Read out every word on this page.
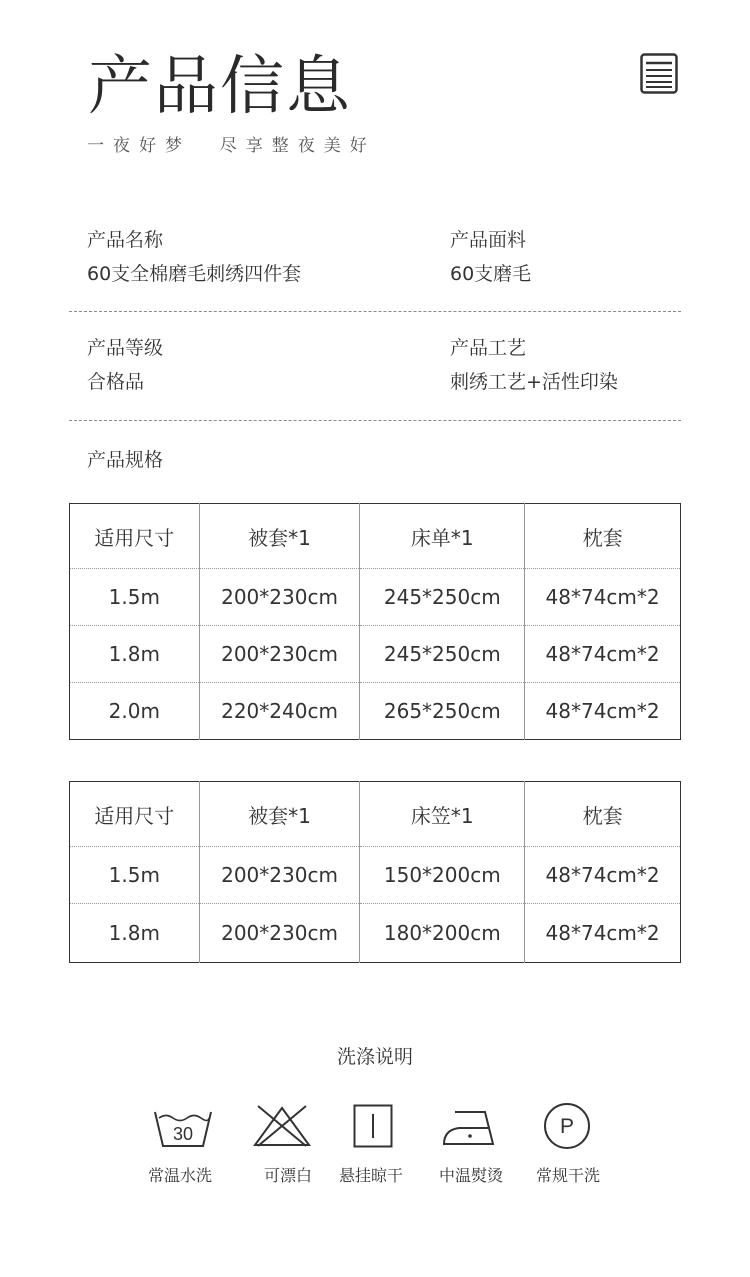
产品信息
一夜好梦  尽享整夜美好
产品名称
60支全棉磨毛刺绣四件套
产品面料
60支磨毛
产品等级
合格品
产品工艺
刺绣工艺+活性印染
产品规格
适用尺寸	被套*1	床单*1	枕套
1.5m	200*230cm	245*250cm	48*74cm*2
1.8m	200*230cm	245*250cm	48*74cm*2
2.0m	220*240cm	265*250cm	48*74cm*2
适用尺寸	被套*1	床笠*1	枕套
1.5m	200*230cm	150*200cm	48*74cm*2
1.8m	200*230cm	180*200cm	48*74cm*2
洗涤说明
30	P
常温水洗	可漂白	悬挂晾干	中温熨烫	常规干洗
